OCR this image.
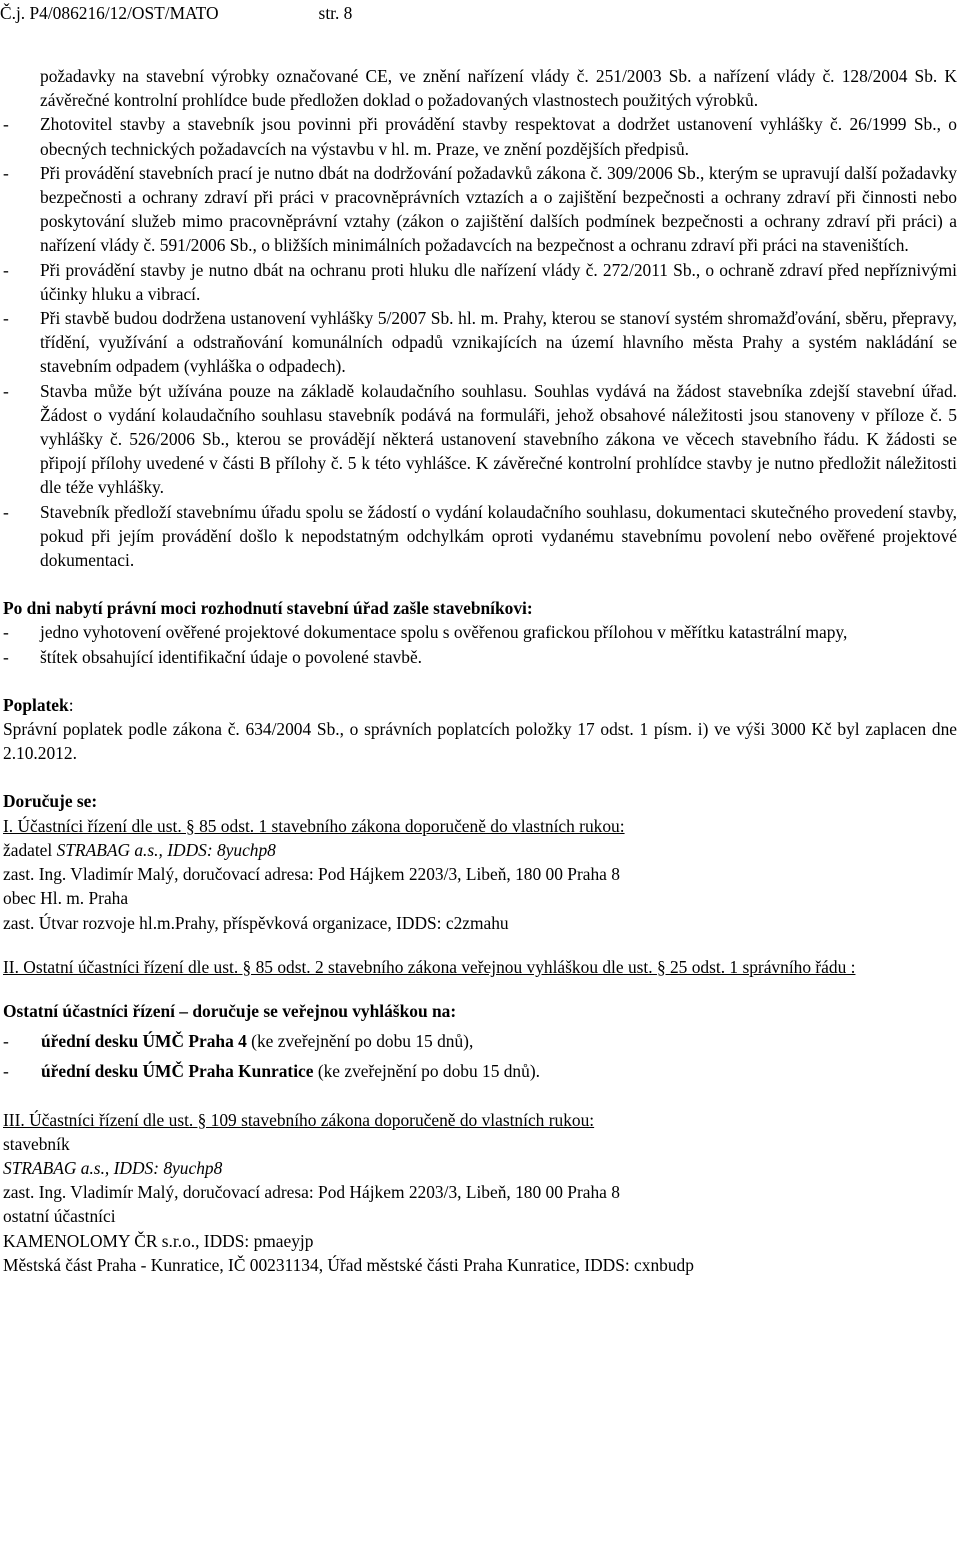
Č.j. P4/086216/12/OST/MATO	str. 8
požadavky na stavební výrobky označované CE, ve znění nařízení vlády č. 251/2003 Sb. a nařízení vlády č. 128/2004 Sb. K závěrečné kontrolní prohlídce bude předložen doklad o požadovaných vlastnostech použitých výrobků.
-	Zhotovitel stavby a stavebník jsou povinni při provádění stavby respektovat a dodržet ustanovení vyhlášky č. 26/1999 Sb., o obecných technických požadavcích na výstavbu v hl. m. Praze, ve znění pozdějších předpisů.
-	Při provádění stavebních prací je nutno dbát na dodržování požadavků zákona č. 309/2006 Sb., kterým se upravují další požadavky bezpečnosti a ochrany zdraví při práci v pracovněprávních vztazích a o zajištění bezpečnosti a ochrany zdraví při činnosti nebo poskytování služeb mimo pracovněprávní vztahy (zákon o zajištění dalších podmínek bezpečnosti a ochrany zdraví při práci) a nařízení vlády č. 591/2006 Sb., o bližších minimálních požadavcích na bezpečnost a ochranu zdraví při práci na staveništích.
-	Při provádění stavby je nutno dbát na ochranu proti hluku dle nařízení vlády č. 272/2011 Sb., o ochraně zdraví před nepříznivými účinky hluku a vibrací.
-	Při stavbě budou dodržena ustanovení vyhlášky 5/2007 Sb. hl. m. Prahy, kterou se stanoví systém shromažďování, sběru, přepravy, třídění, využívání a odstraňování komunálních odpadů vznikajících na území hlavního města Prahy a systém nakládání se stavebním odpadem (vyhláška o odpadech).
-	Stavba může být užívána pouze na základě kolaudačního souhlasu. Souhlas vydává na žádost stavebníka zdejší stavební úřad. Žádost o vydání kolaudačního souhlasu stavebník podává na formuláři, jehož obsahové náležitosti jsou stanoveny v příloze č. 5 vyhlášky č. 526/2006 Sb., kterou se provádějí některá ustanovení stavebního zákona ve věcech stavebního řádu. K žádosti se připojí přílohy uvedené v části B přílohy č. 5 k této vyhlášce. K závěrečné kontrolní prohlídce stavby je nutno předložit náležitosti dle téže vyhlášky.
-	Stavebník předloží stavebnímu úřadu spolu se žádostí o vydání kolaudačního souhlasu, dokumentaci skutečného provedení stavby, pokud při jejím provádění došlo k nepodstatným odchylkám oproti vydanému stavebnímu povolení nebo ověřené projektové dokumentaci.
Po dni nabytí právní moci rozhodnutí stavební úřad zašle stavebníkovi:
-	jedno vyhotovení ověřené projektové dokumentace spolu s ověřenou grafickou přílohou v měřítku katastrální mapy,
-	štítek obsahující identifikační údaje o povolené stavbě.
Poplatek:
Správní poplatek podle zákona č. 634/2004 Sb., o správních poplatcích položky 17 odst. 1 písm. i) ve výši 3000 Kč byl zaplacen dne 2.10.2012.
Doručuje se:
I. Účastníci řízení dle ust. § 85 odst. 1 stavebního zákona doporučeně do vlastních rukou:
žadatel STRABAG a.s., IDDS: 8yuchp8
zast. Ing. Vladimír Malý, doručovací adresa: Pod Hájkem 2203/3, Libeň, 180 00 Praha 8
obec Hl. m. Praha
zast. Útvar rozvoje hl.m.Prahy, příspěvková organizace, IDDS: c2zmahu
II. Ostatní účastníci řízení dle ust. § 85 odst. 2 stavebního zákona veřejnou vyhláškou dle ust. § 25 odst. 1 správního řádu :
Ostatní účastníci řízení – doručuje se veřejnou vyhláškou na:
-	úřední desku ÚMČ Praha 4 (ke zveřejnění po dobu 15 dnů),
-	úřední desku ÚMČ Praha Kunratice (ke zveřejnění po dobu 15 dnů).
III. Účastníci řízení dle ust. § 109 stavebního zákona doporučeně do vlastních rukou:
stavebník
STRABAG a.s., IDDS: 8yuchp8
zast. Ing. Vladimír Malý, doručovací adresa: Pod Hájkem 2203/3, Libeň, 180 00 Praha 8
ostatní účastníci
KAMENOLOMY ČR s.r.o., IDDS: pmaeyjp
Městská část Praha - Kunratice, IČ 00231134, Úřad městské části Praha Kunratice, IDDS: cxnbudp
